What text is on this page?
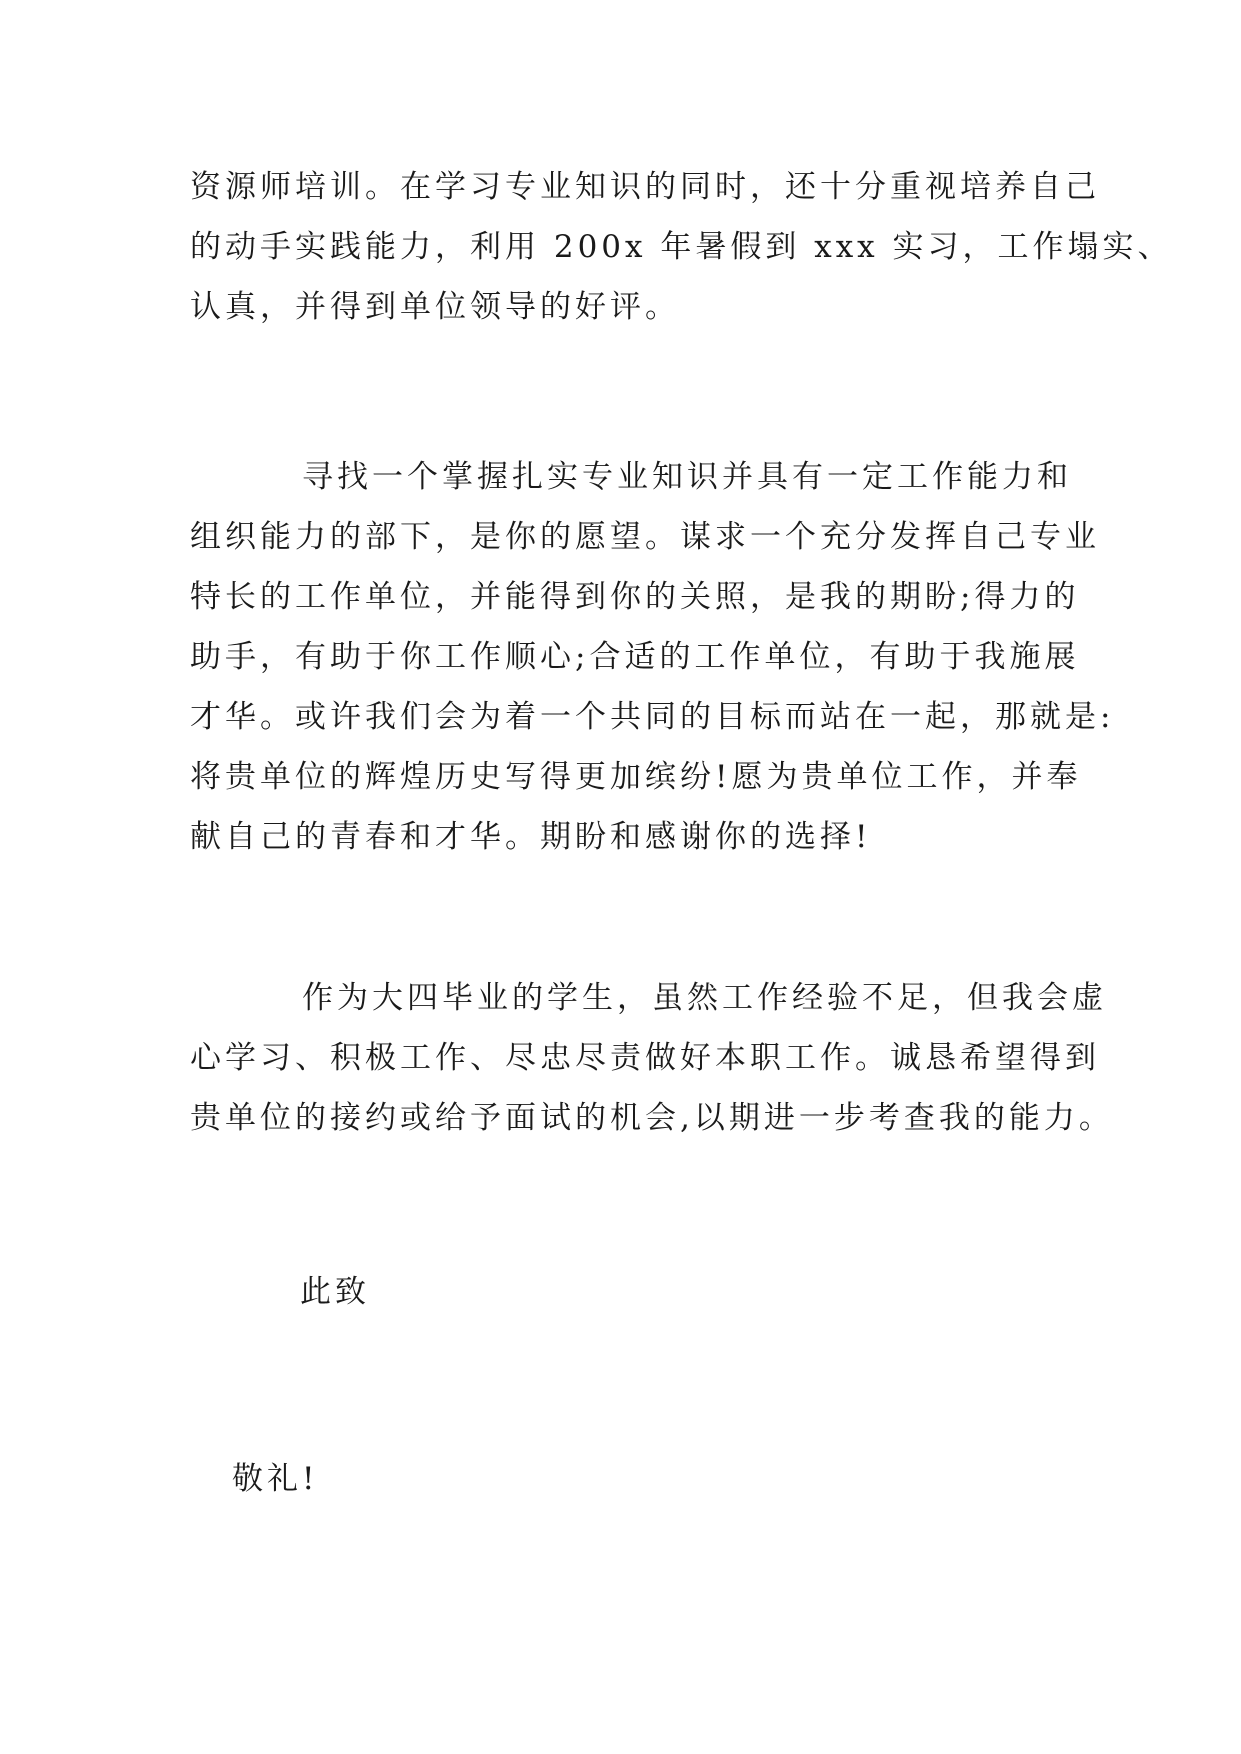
资源师培训。在学习专业知识的同时，还十分重视培养自己
的动手实践能力，利用 200x 年暑假到 xxx 实习，工作塌实、
认真，并得到单位领导的好评。
寻找一个掌握扎实专业知识并具有一定工作能力和
组织能力的部下，是你的愿望。谋求一个充分发挥自己专业
特长的工作单位，并能得到你的关照，是我的期盼;得力的
助手，有助于你工作顺心;合适的工作单位，有助于我施展
才华。或许我们会为着一个共同的目标而站在一起，那就是:
将贵单位的辉煌历史写得更加缤纷!愿为贵单位工作，并奉
献自己的青春和才华。期盼和感谢你的选择!
作为大四毕业的学生，虽然工作经验不足，但我会虚
心学习、积极工作、尽忠尽责做好本职工作。诚恳希望得到
贵单位的接约或给予面试的机会,以期进一步考查我的能力。
此致
敬礼!
